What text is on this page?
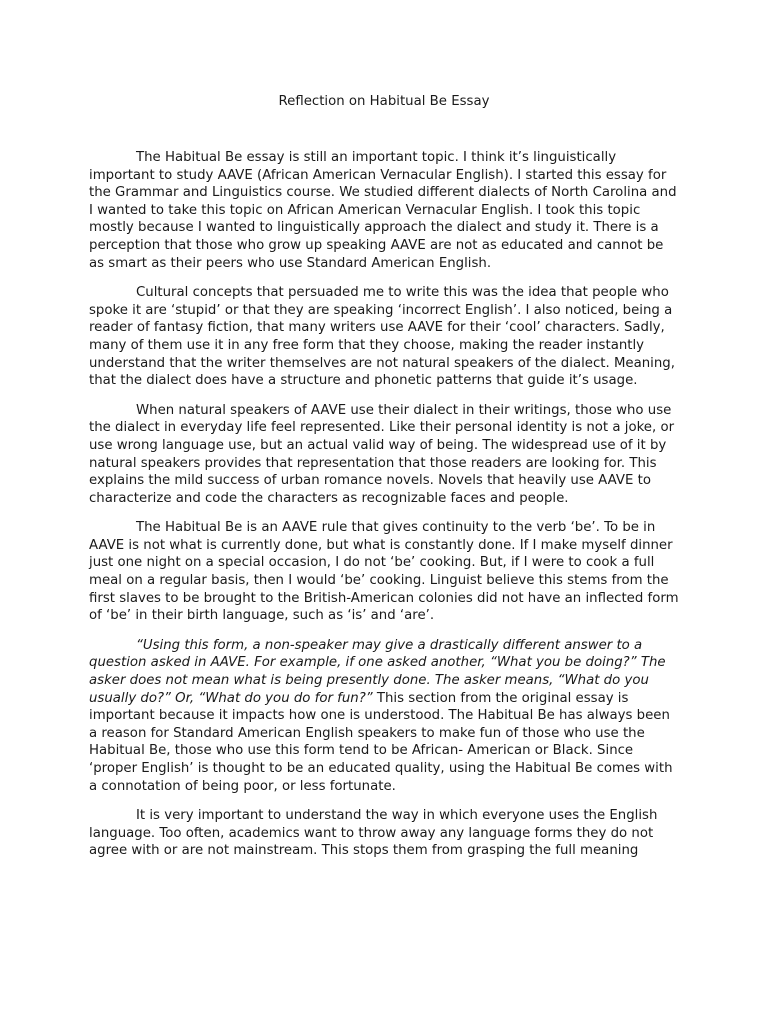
Reflection on Habitual Be Essay

The Habitual Be essay is still an important topic. I think it’s linguistically important to study AAVE (African American Vernacular English). I started this essay for the Grammar and Linguistics course. We studied different dialects of North Carolina and I wanted to take this topic on African American Vernacular English. I took this topic mostly because I wanted to linguistically approach the dialect and study it. There is a perception that those who grow up speaking AAVE are not as educated and cannot be as smart as their peers who use Standard American English.

Cultural concepts that persuaded me to write this was the idea that people who spoke it are ‘stupid’ or that they are speaking ‘incorrect English’. I also noticed, being a reader of fantasy fiction, that many writers use AAVE for their ‘cool’ characters. Sadly, many of them use it in any free form that they choose, making the reader instantly understand that the writer themselves are not natural speakers of the dialect. Meaning, that the dialect does have a structure and phonetic patterns that guide it’s usage.

When natural speakers of AAVE use their dialect in their writings, those who use the dialect in everyday life feel represented. Like their personal identity is not a joke, or use wrong language use, but an actual valid way of being. The widespread use of it by natural speakers provides that representation that those readers are looking for. This explains the mild success of urban romance novels. Novels that heavily use AAVE to characterize and code the characters as recognizable faces and people.

The Habitual Be is an AAVE rule that gives continuity to the verb ‘be’. To be in AAVE is not what is currently done, but what is constantly done. If I make myself dinner just one night on a special occasion, I do not ‘be’ cooking. But, if I were to cook a full meal on a regular basis, then I would ‘be’ cooking. Linguist believe this stems from the first slaves to be brought to the British-American colonies did not have an inflected form of ‘be’ in their birth language, such as ‘is’ and ‘are’.

“Using this form, a non-speaker may give a drastically different answer to a question asked in AAVE. For example, if one asked another, “What you be doing?” The asker does not mean what is being presently done. The asker means, “What do you usually do?” Or, “What do you do for fun?” This section from the original essay is important because it impacts how one is understood. The Habitual Be has always been a reason for Standard American English speakers to make fun of those who use the Habitual Be, those who use this form tend to be African- American or Black. Since ‘proper English’ is thought to be an educated quality, using the Habitual Be comes with a connotation of being poor, or less fortunate.

It is very important to understand the way in which everyone uses the English language. Too often, academics want to throw away any language forms they do not agree with or are not mainstream. This stops them from grasping the full meaning
